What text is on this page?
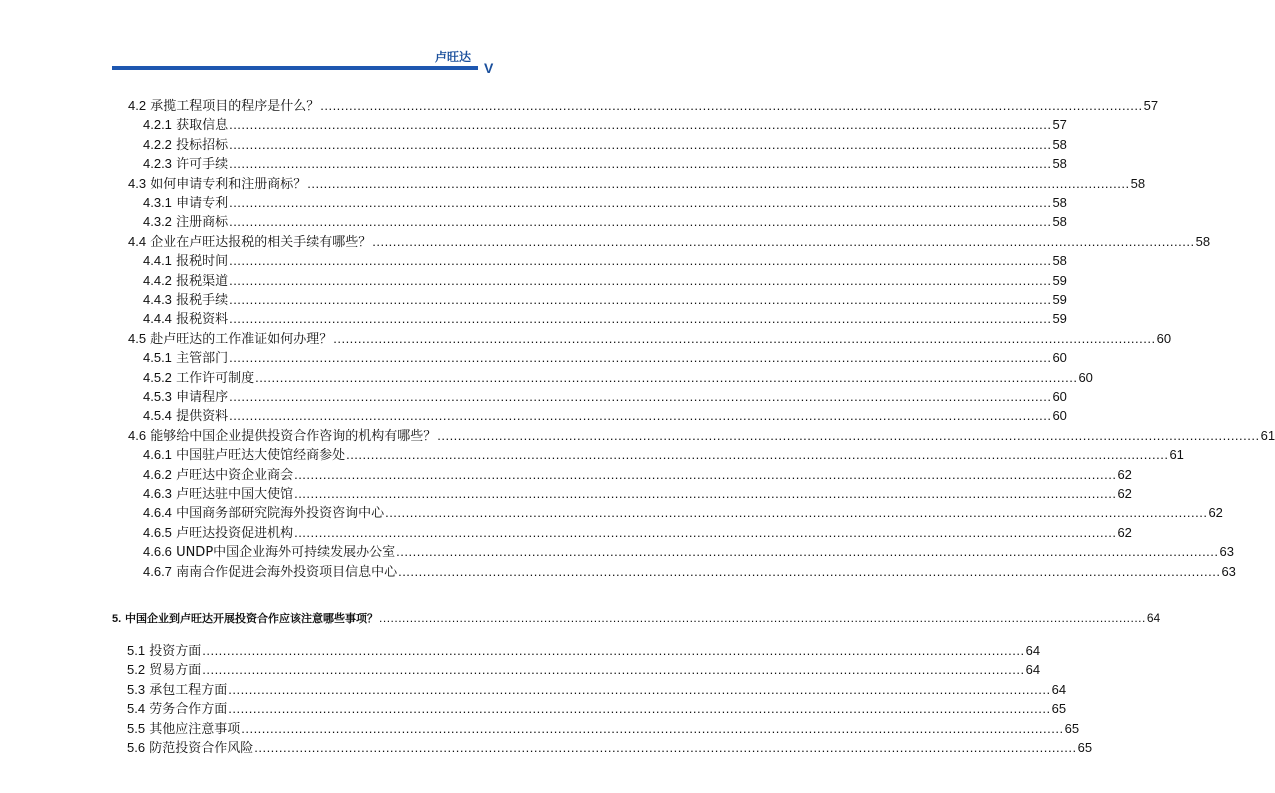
卢旺达
V
4.2 承揽工程项目的程序是什么？ ........................................................................................................................................................................................................ 57
4.2.1 获取信息 ........................................................................................................................................................................................................ 57
4.2.2 投标招标 ........................................................................................................................................................................................................ 58
4.2.3 许可手续 ........................................................................................................................................................................................................ 58
4.3 如何申请专利和注册商标？ ........................................................................................................................................................................................................ 58
4.3.1 申请专利 ........................................................................................................................................................................................................ 58
4.3.2 注册商标 ........................................................................................................................................................................................................ 58
4.4 企业在卢旺达报税的相关手续有哪些？ ........................................................................................................................................................................................................ 58
4.4.1 报税时间 ........................................................................................................................................................................................................ 58
4.4.2 报税渠道 ........................................................................................................................................................................................................ 59
4.4.3 报税手续 ........................................................................................................................................................................................................ 59
4.4.4 报税资料 ........................................................................................................................................................................................................ 59
4.5 赴卢旺达的工作准证如何办理？ ........................................................................................................................................................................................................ 60
4.5.1 主管部门 ........................................................................................................................................................................................................ 60
4.5.2 工作许可制度 ........................................................................................................................................................................................................ 60
4.5.3 申请程序 ........................................................................................................................................................................................................ 60
4.5.4 提供资料 ........................................................................................................................................................................................................ 60
4.6 能够给中国企业提供投资合作咨询的机构有哪些？ ........................................................................................................................................................................................................ 61
4.6.1 中国驻卢旺达大使馆经商参处 ........................................................................................................................................................................................................ 61
4.6.2 卢旺达中资企业商会 ........................................................................................................................................................................................................ 62
4.6.3 卢旺达驻中国大使馆 ........................................................................................................................................................................................................ 62
4.6.4 中国商务部研究院海外投资咨询中心 ........................................................................................................................................................................................................ 62
4.6.5 卢旺达投资促进机构 ........................................................................................................................................................................................................ 62
4.6.6 UNDP中国企业海外可持续发展办公室 ........................................................................................................................................................................................................ 63
4.6.7 南南合作促进会海外投资项目信息中心 ........................................................................................................................................................................................................ 63
5. 中国企业到卢旺达开展投资合作应该注意哪些事项？ ........................................................................................................................................................................................................ 64
5.1 投资方面 ........................................................................................................................................................................................................ 64
5.2 贸易方面 ........................................................................................................................................................................................................ 64
5.3 承包工程方面 ........................................................................................................................................................................................................ 64
5.4 劳务合作方面 ........................................................................................................................................................................................................ 65
5.5 其他应注意事项 ........................................................................................................................................................................................................ 65
5.6 防范投资合作风险 ........................................................................................................................................................................................................ 65
